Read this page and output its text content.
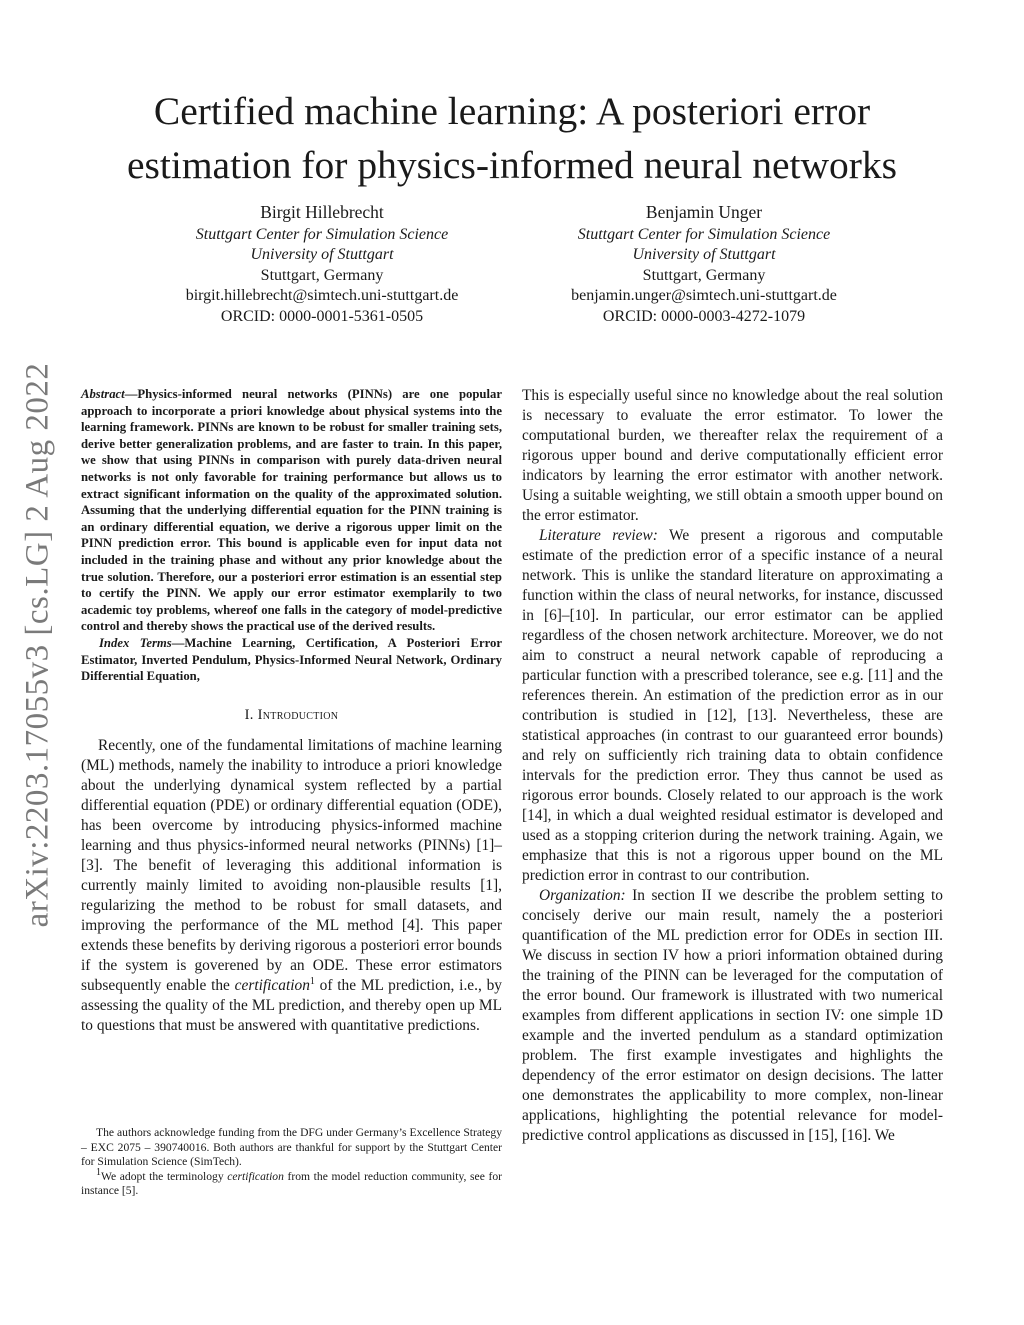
arXiv:2203.17055v3 [cs.LG] 2 Aug 2022
Certified machine learning: A posteriori error
estimation for physics-informed neural networks
Birgit Hillebrecht
Stuttgart Center for Simulation Science
University of Stuttgart
Stuttgart, Germany
birgit.hillebrecht@simtech.uni-stuttgart.de
ORCID: 0000-0001-5361-0505
Benjamin Unger
Stuttgart Center for Simulation Science
University of Stuttgart
Stuttgart, Germany
benjamin.unger@simtech.uni-stuttgart.de
ORCID: 0000-0003-4272-1079

Abstract—Physics-informed neural networks (PINNs) are one popular approach to incorporate a priori knowledge about physical systems into the learning framework. PINNs are known to be robust for smaller training sets, derive better generalization problems, and are faster to train. In this paper, we show that using PINNs in comparison with purely data-driven neural networks is not only favorable for training performance but allows us to extract significant information on the quality of the approximated solution. Assuming that the underlying differential equation for the PINN training is an ordinary differential equation, we derive a rigorous upper limit on the PINN prediction error. This bound is applicable even for input data not included in the training phase and without any prior knowledge about the true solution. Therefore, our a posteriori error estimation is an essential step to certify the PINN. We apply our error estimator exemplarily to two academic toy problems, whereof one falls in the category of model-predictive control and thereby shows the practical use of the derived results.

Index Terms—Machine Learning, Certification, A Posteriori Error Estimator, Inverted Pendulum, Physics-Informed Neural Network, Ordinary Differential Equation,

I. Introduction

Recently, one of the fundamental limitations of machine learning (ML) methods, namely the inability to introduce a priori knowledge about the underlying dynamical system reflected by a partial differential equation (PDE) or ordinary differential equation (ODE), has been overcome by introducing physics-informed machine learning and thus physics-informed neural networks (PINNs) [1]–[3]. The benefit of leveraging this additional information is currently mainly limited to avoiding non-plausible results [1], regularizing the method to be robust for small datasets, and improving the performance of the ML method [4]. This paper extends these benefits by deriving rigorous a posteriori error bounds if the system is goverened by an ODE. These error estimators subsequently enable the certification$^1$ of the ML prediction, i.e., by assessing the quality of the ML prediction, and thereby open up ML to questions that must be answered with quantitative predictions.

The authors acknowledge funding from the DFG under Germany’s Excellence Strategy – EXC 2075 – 390740016. Both authors are thankful for support by the Stuttgart Center for Simulation Science (SimTech).

$^1$We adopt the terminology certification from the model reduction community, see for instance [5].

This is especially useful since no knowledge about the real solution is necessary to evaluate the error estimator. To lower the computational burden, we thereafter relax the requirement of a rigorous upper bound and derive computationally efficient error indicators by learning the error estimator with another network. Using a suitable weighting, we still obtain a smooth upper bound on the error estimator.

Literature review: We present a rigorous and computable estimate of the prediction error of a specific instance of a neural network. This is unlike the standard literature on approximating a function within the class of neural networks, for instance, discussed in [6]–[10]. In particular, our error estimator can be applied regardless of the chosen network architecture. Moreover, we do not aim to construct a neural network capable of reproducing a particular function with a prescribed tolerance, see e.g. [11] and the references therein. An estimation of the prediction error as in our contribution is studied in [12], [13]. Nevertheless, these are statistical approaches (in contrast to our guaranteed error bounds) and rely on sufficiently rich training data to obtain confidence intervals for the prediction error. They thus cannot be used as rigorous error bounds. Closely related to our approach is the work [14], in which a dual weighted residual estimator is developed and used as a stopping criterion during the network training. Again, we emphasize that this is not a rigorous upper bound on the ML prediction error in contrast to our contribution.

Organization: In section II we describe the problem setting to concisely derive our main result, namely the a posteriori quantification of the ML prediction error for ODEs in section III. We discuss in section IV how a priori information obtained during the training of the PINN can be leveraged for the computation of the error bound. Our framework is illustrated with two numerical examples from different applications in section IV: one simple 1D example and the inverted pendulum as a standard optimization problem. The first example investigates and highlights the dependency of the error estimator on design decisions. The latter one demonstrates the applicability to more complex, non-linear applications, highlighting the potential relevance for model-predictive control applications as discussed in [15], [16]. We
